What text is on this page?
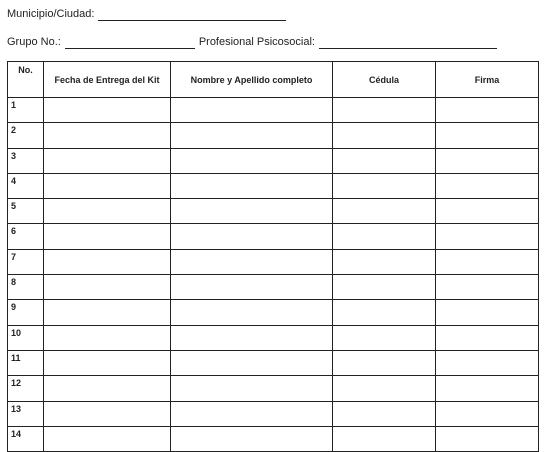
Municipio/Ciudad:
Grupo No.:	Profesional Psicosocial:
No.	Fecha de Entrega del Kit	Nombre y Apellido completo	Cédula	Firma
1				
2				
3				
4				
5				
6				
7				
8				
9				
10				
11				
12				
13				
14				
